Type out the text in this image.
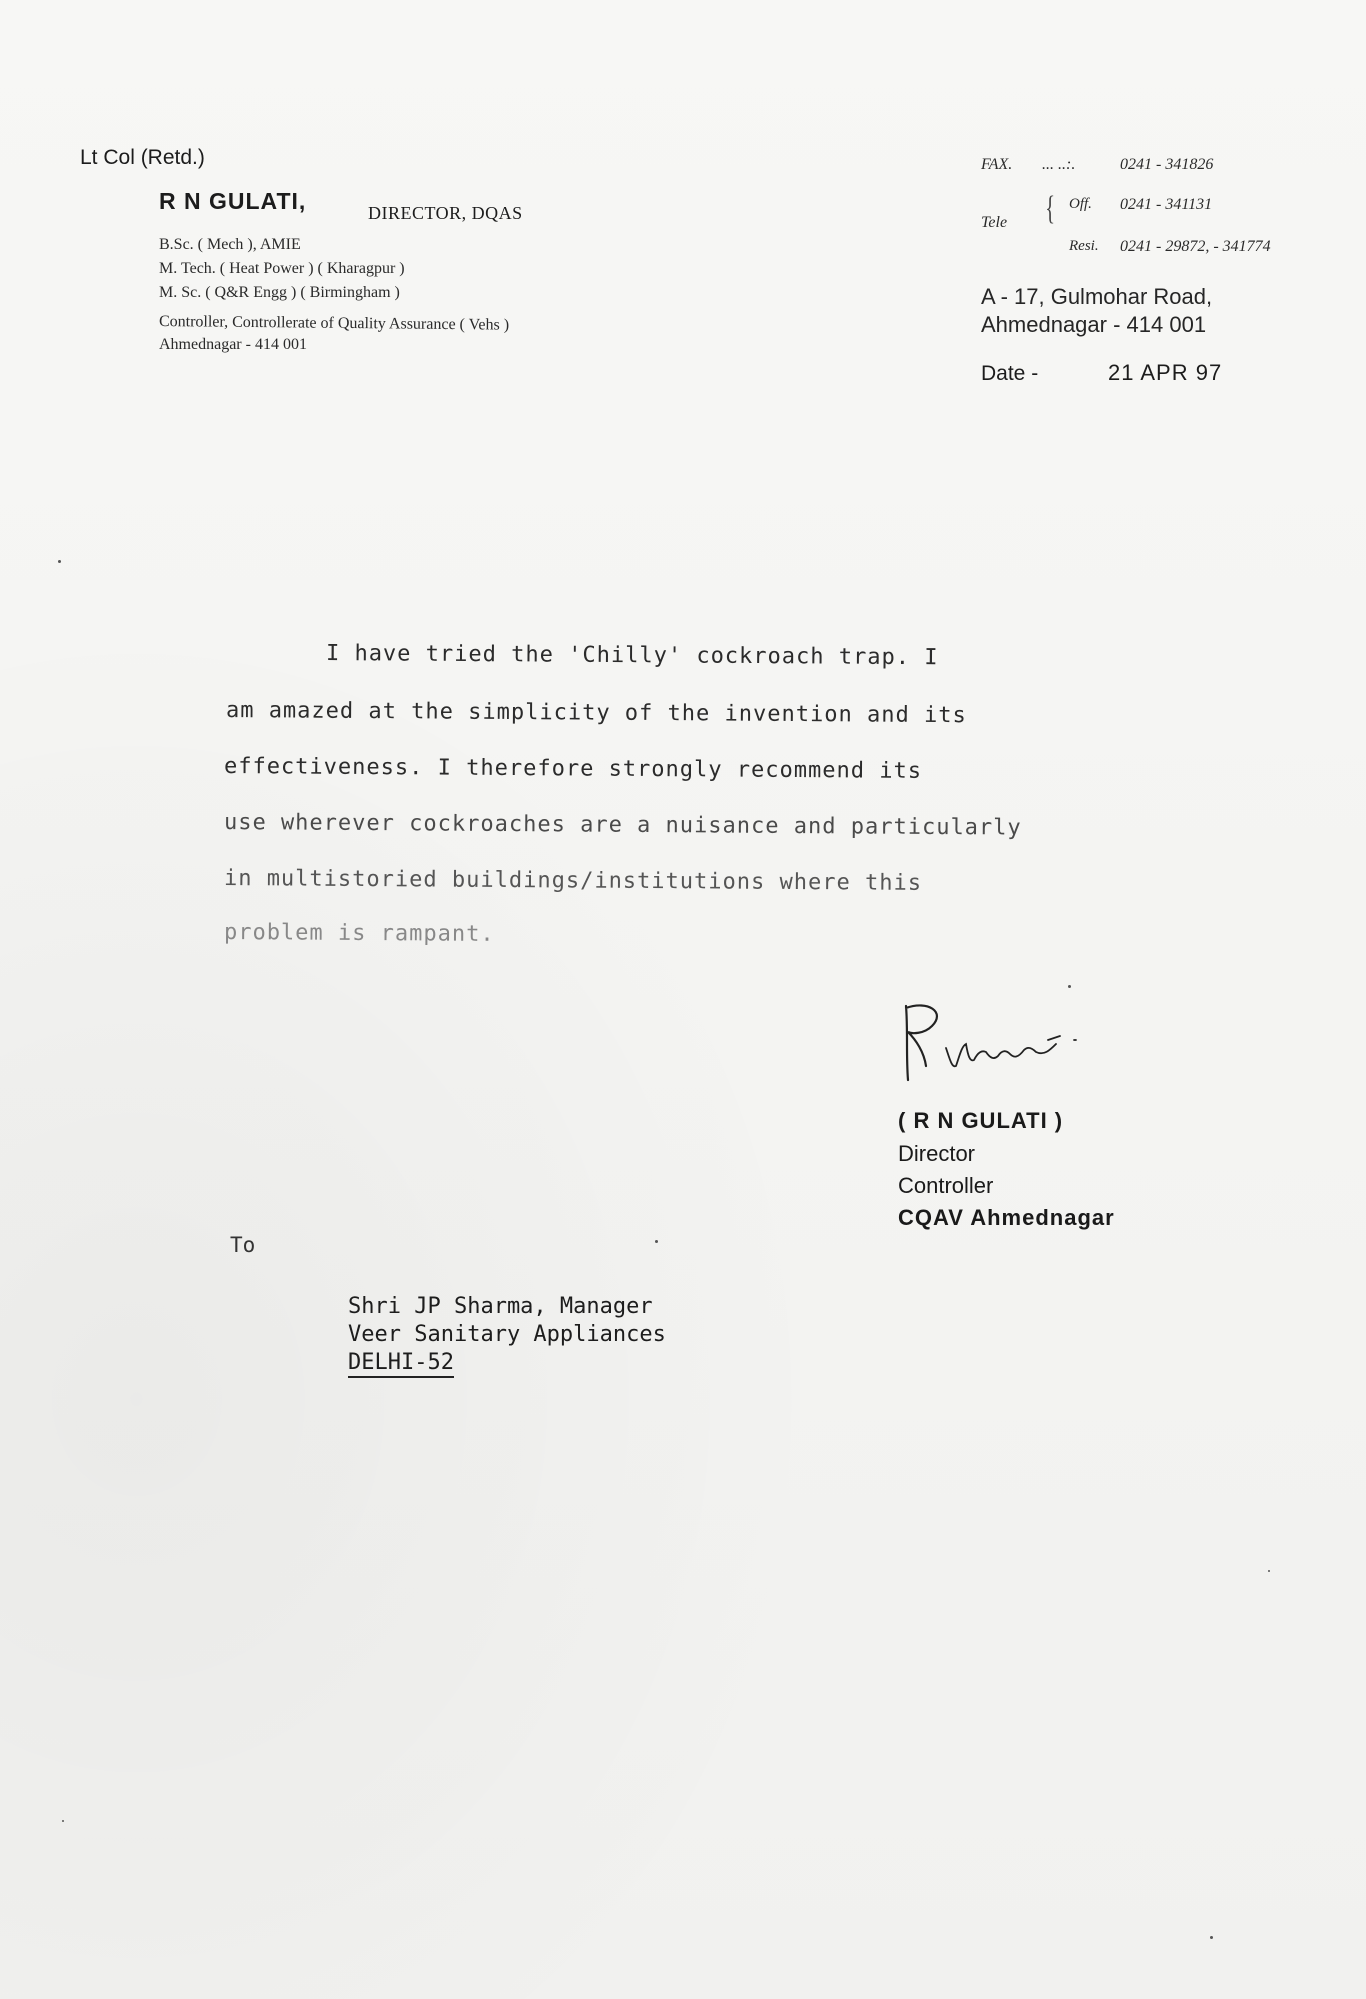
Lt Col (Retd.)
R N GULATI,	DIRECTOR, DQAS
B.Sc. ( Mech ), AMIE
M. Tech. ( Heat Power ) ( Kharagpur )
M. Sc. ( Q&R Engg ) ( Birmingham )
Controller, Controllerate of Quality Assurance ( Vehs )
Ahmednagar - 414 001
FAX. ... ..:.	0241 - 341826
Tele { Off. 0241 - 341131
Resi. 0241 - 29872, - 341774
A - 17, Gulmohar Road,
Ahmednagar - 414 001
Date -	21 APR 97
I have tried the 'Chilly' cockroach trap. I
am amazed at the simplicity of the invention and its
effectiveness. I therefore strongly recommend its
use wherever cockroaches are a nuisance and particularly
in multistoried buildings/institutions where this
problem is rampant.
( R N GULATI )
Director
Controller
CQAV Ahmednagar
To
Shri JP Sharma, Manager
Veer Sanitary Appliances
DELHI-52
